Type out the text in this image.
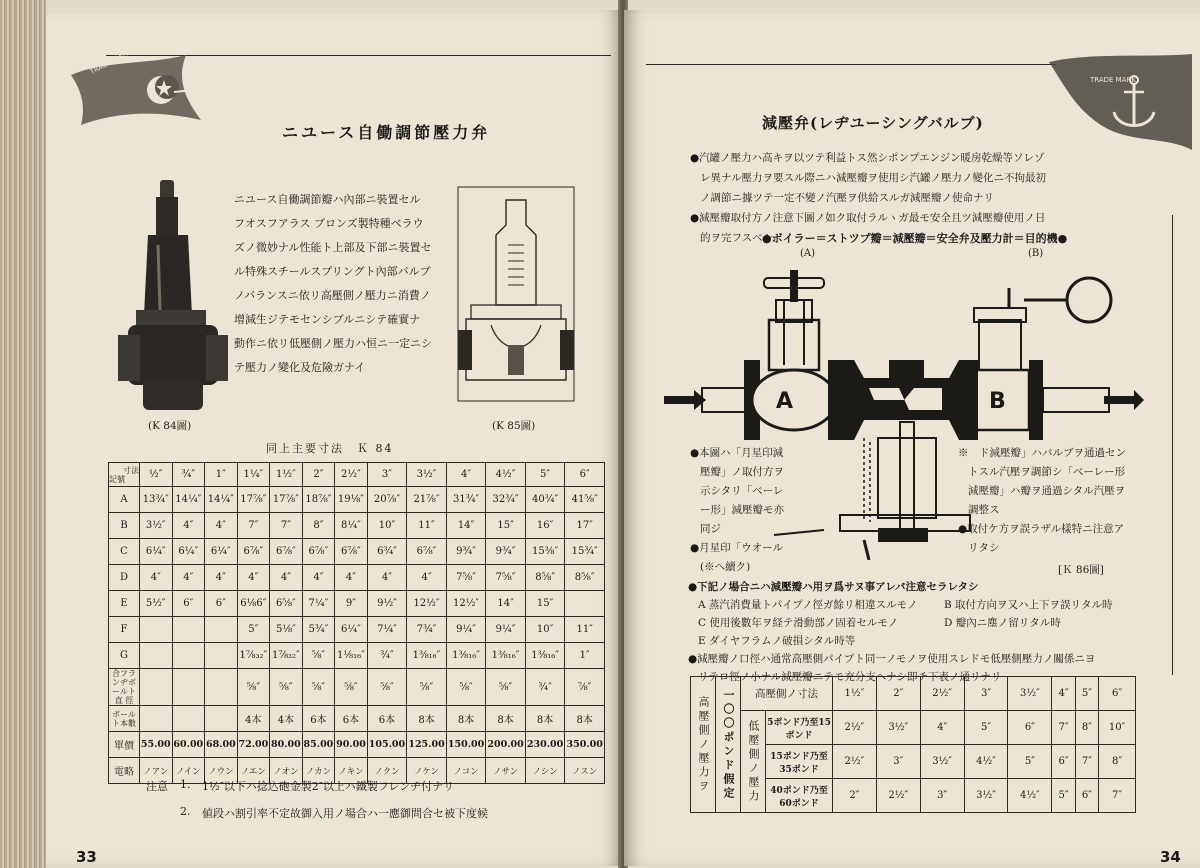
TRADE MARK
ニユース自働調節壓力弁
(K 84圖)
ニユース自働調節瓣ハ內部ニ裝置セル
フオスフアラス ブロンズ製特種ベラウ
ズノ微妙ナル性能ト上部及下部ニ裝置セ
ル特殊スチールスプリングト內部バルブ
ノバランスニ依リ高壓側ノ壓力ニ消費ノ
增減生ジテモセンシブルニシテ確實ナ
動作ニ依リ低壓側ノ壓力ハ恒ニ一定ニシ
テ壓力ノ變化及危險ガナイ
(K 85圖)
同上主要寸法　Ｋ 84
寸法
記號	½″	¾″	1″	1¼″	1½″	2″	2½″	3″	3½″	4″	4½″	5″	6″
A	13¾″	14¼″	14¼″	17⅞″	17⅞″	18⅞″	19⅛″	20⅞″	21⅞″	31¾″	32¾″	40¾″	41⅝″
B	3½″	4″	4″	7″	7″	8″	8¼″	10″	11″	14″	15″	16″	17″
C	6¼″	6¼″	6¼″	6⅞″	6⅞″	6⅞″	6⅞″	6¾″	6⅞″	9¾″	9¾″	15⅜″	15¾″
D	4″	4″	4″	4″	4″	4″	4″	4″	4″	7⅝″	7⅝″	8⅝″	8⅝″
E	5½″	6″	6″	6⅛6″	6⅝″	7¼″	9″	9½″	12½″	12½″	14″	15″	
F				5″	5⅛″	5¾″	6¼″	7¼″	7¾″	9¼″	9¼″	10″	11″
G				1⅞₃₂″	1⅞₃₂″	⅝″	1⅛₁₆″	¾″	1⅜₁₆″	1⅜₁₆″	1⅜₁₆″	1⅜₁₆″	1″
合フランヂボールト 直 徑				⅝″	⅝″	⅝″	⅝″	⅝″	⅝″	⅝″	⅝″	¾″	⅞″
ボールト本數				4本	4本	6本	6本	6本	8本	8本	8本	8本	8本
單價	55.00	60.00	68.00	72.00	80.00	85.00	90.00	105.00	125.00	150.00	200.00	230.00	350.00
電略	ノアン	ノイン	ノウン	ノエン	ノオン	ノカン	ノキン	ノクン	ノケン	ノコン	ノサン	ノシン	ノスン
注意 1. 1½″以下ハ捻込砲金製2″以上ハ鐵製フレンヂ付ナリ
2. 値段ハ割引率不定故御入用ノ場合ハ一應御問合セ被下度候
33
TRADE MARK
減壓弁(レヂユーシングバルブ)
●汽罐ノ壓力ハ高キヲ以ツテ利益トス然シポンプエンジン暖房乾燥等ソレゾ
レ異ナル壓力ヲ要スル際ニハ減壓瓣ヲ使用シ汽罐ノ壓力ノ變化ニ不拘最初
ノ調節ニ據ツテ一定不變ノ汽壓ヲ供給スルガ減壓瓣ノ使命ナリ
●減壓瓣取付方ノ注意下圖ノ如ク取付ラルヽガ最モ安全且ツ減壓瓣使用ノ日
的ヲ完フスベシ
●ボイラー＝ストツプ瓣＝減壓瓣＝安全弁及壓力計＝目的機●
(A)	(B)
A	B
●本圖ハ「月星印減
壓瓣」ノ取付方ヲ
示シタリ「ベーレ
ー形」減壓瓣モ亦
同ジ
●月星印「ウオール
(※へ續ク)
※　ド減壓瓣」ハバルブヲ通過セン
トスル汽壓ヲ調節シ「ベーレー形
減壓瓣」ハ瓣ヲ通過シタル汽壓ヲ
調整ス
●取付ケ方ヲ誤ラザル樣特ニ注意ア
リタシ
[Ｋ 86圖]
●下記ノ場合ニハ減壓瓣ハ用ヲ爲サヌ事アレバ注意セラレタシ
A 蒸汽消費量トパイプノ徑ガ餘リ相違スルモノ	B 取付方向ヲ又ハ上下ヲ誤リタル時
C 使用後數年ヲ経テ滑動部ノ固着セルモノ	D 瓣內ニ塵ノ留リタル時
E ダイヤフラムノ破損シタル時等
●減壓瓣ノ口徑ハ通常高壓側パイプト同一ノモノヲ使用スレドモ低壓側壓力ノ關係ニヨ
リテロ徑ノ小ナル減壓瓣ニテモ充分支ヘナシ即チ下表ノ通リナリ
高壓側ノ壓力ヲ	一〇〇ポンド假定	高壓側ノ寸法		1½″	2″	2½″	3″	3½″	4″	5″	6″

		低壓側ノ壓力	5ポンド乃至15ポンド	2½″	3½″	4″	5″	6″	7″	8″	10″
			15ポンド乃至35ポンド	2½″	3″	3½″	4½″	5″	6″	7″	8″
			40ポンド乃至60ポンド	2″	2½″	3″	3½″	4½″	5″	6″	7″
34
